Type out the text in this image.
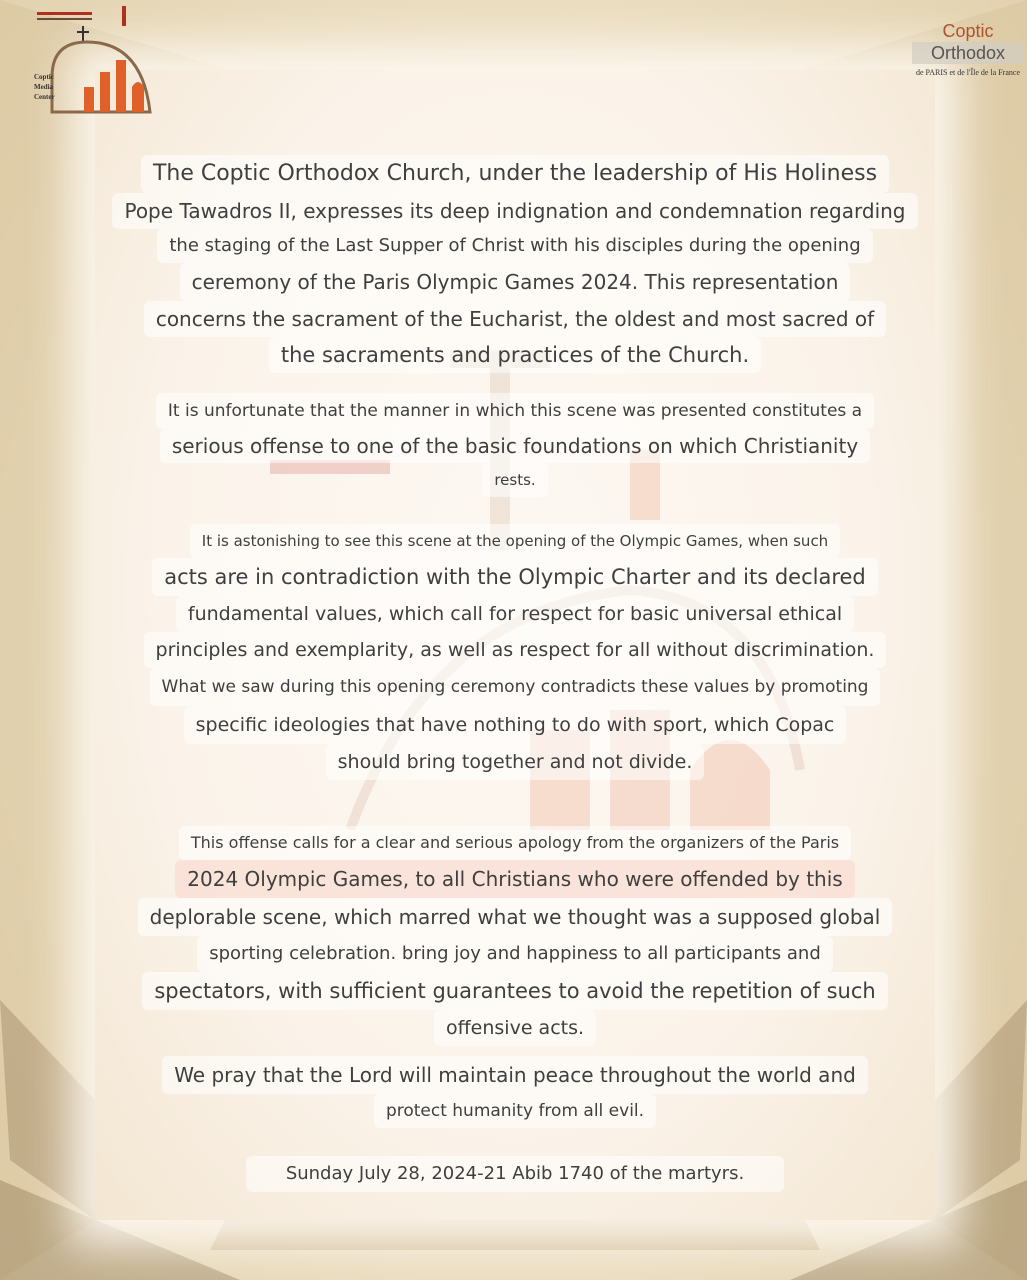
Coptic Media Center
Coptic
Orthodox
de PARIS et de l'Île de la France
The Coptic Orthodox Church, under the leadership of His Holiness
Pope Tawadros II, expresses its deep indignation and condemnation regarding
the staging of the Last Supper of Christ with his disciples during the opening
ceremony of the Paris Olympic Games 2024. This representation
concerns the sacrament of the Eucharist, the oldest and most sacred of
the sacraments and practices of the Church.
It is unfortunate that the manner in which this scene was presented constitutes a
serious offense to one of the basic foundations on which Christianity
rests.
It is astonishing to see this scene at the opening of the Olympic Games, when such
acts are in contradiction with the Olympic Charter and its declared
fundamental values, which call for respect for basic universal ethical
principles and exemplarity, as well as respect for all without discrimination.
What we saw during this opening ceremony contradicts these values by promoting
specific ideologies that have nothing to do with sport, which Copac
should bring together and not divide.
This offense calls for a clear and serious apology from the organizers of the Paris
2024 Olympic Games, to all Christians who were offended by this
deplorable scene, which marred what we thought was a supposed global
sporting celebration. bring joy and happiness to all participants and
spectators, with sufficient guarantees to avoid the repetition of such
offensive acts.
We pray that the Lord will maintain peace throughout the world and
protect humanity from all evil.
Sunday July 28, 2024-21 Abib 1740 of the martyrs.
